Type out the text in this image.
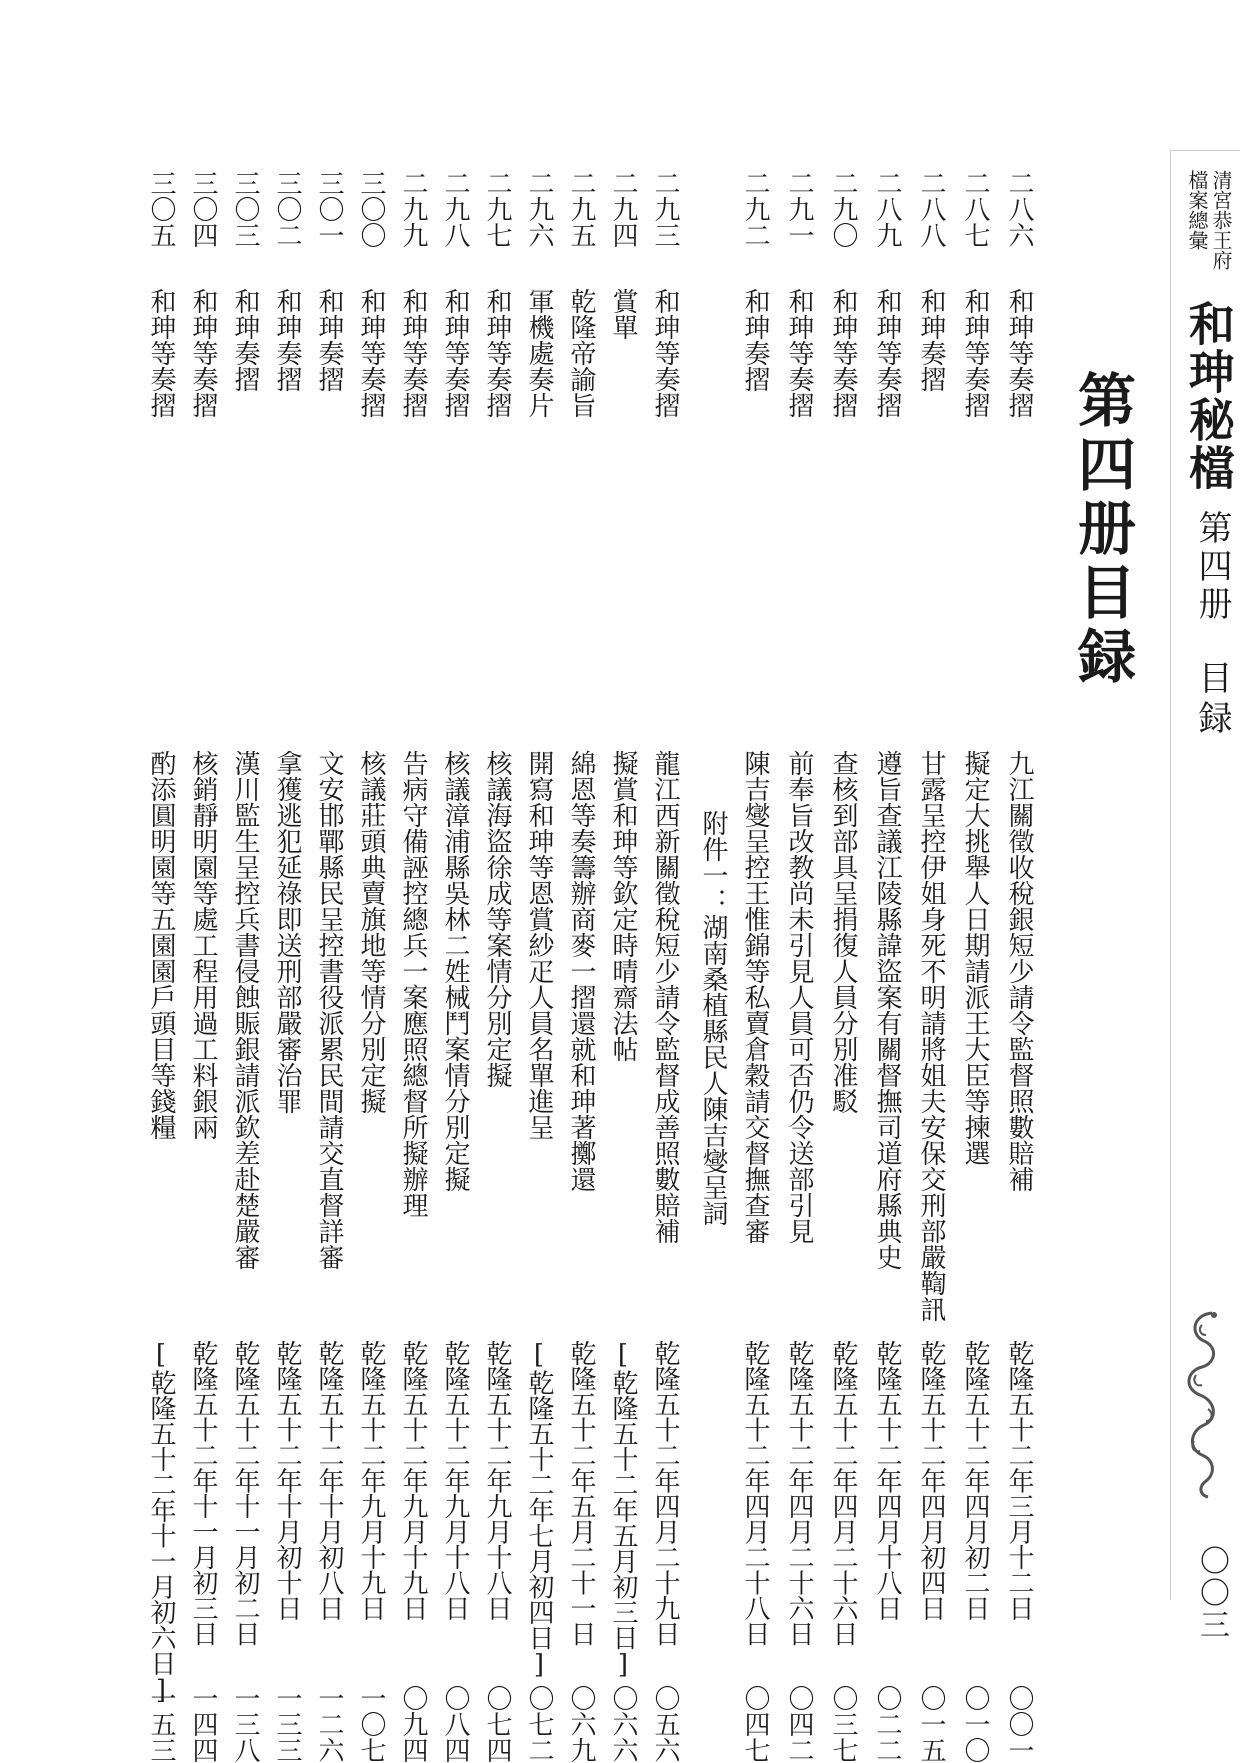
清宮恭王府檔案總彙
和珅秘檔
第四册
目録
〇〇三
第四册目録
二八六
和珅等奏摺
九江關徵收稅銀短少請令監督照數賠補
乾隆五十二年三月十二日
〇〇一
二八七
和珅等奏摺
擬定大挑舉人日期請派王大臣等揀選
乾隆五十二年四月初二日
〇一〇
二八八
和珅奏摺
甘露呈控伊姐身死不明請將姐夫安保交刑部嚴鞫訊
乾隆五十二年四月初四日
〇一五
二八九
和珅等奏摺
遵旨查議江陵縣諱盜案有關督撫司道府縣典史
乾隆五十二年四月十八日
〇二二
二九〇
和珅等奏摺
查核到部具呈捐復人員分別准駁
乾隆五十二年四月二十六日
〇三七
二九一
和珅等奏摺
前奉旨改教尚未引見人員可否仍令送部引見
乾隆五十二年四月二十六日
〇四二
二九二
和珅奏摺
陳吉燮呈控王惟錦等私賣倉穀請交督撫查審
乾隆五十二年四月二十八日
〇四七
附件一：湖南桑植縣民人陳吉燮呈詞
二九三
和珅等奏摺
龍江西新關徵稅短少請令監督成善照數賠補
乾隆五十二年四月二十九日
〇五六
二九四
賞單
擬賞和珅等欽定時晴齋法帖
[乾隆五十二年五月初三日]
〇六六
二九五
乾隆帝諭旨
綿恩等奏籌辦商麥一摺還就和珅著擲還
乾隆五十二年五月二十一日
〇六九
二九六
軍機處奏片
開寫和珅等恩賞紗疋人員名單進呈
[乾隆五十二年七月初四日]
〇七二
二九七
和珅等奏摺
核議海盜徐成等案情分別定擬
乾隆五十二年九月十八日
〇七四
二九八
和珅等奏摺
核議漳浦縣吳林二姓械鬥案情分別定擬
乾隆五十二年九月十八日
〇八四
二九九
和珅等奏摺
告病守備誣控總兵一案應照總督所擬辦理
乾隆五十二年九月十九日
〇九四
三〇〇
和珅等奏摺
核議莊頭典賣旗地等情分別定擬
乾隆五十二年九月十九日
一〇七
三〇一
和珅奏摺
文安邯鄲縣民呈控書役派累民間請交直督詳審
乾隆五十二年十月初八日
一二六
三〇二
和珅奏摺
拿獲逃犯延祿即送刑部嚴審治罪
乾隆五十二年十月初十日
一三三
三〇三
和珅奏摺
漢川監生呈控兵書侵蝕賑銀請派欽差赴楚嚴審
乾隆五十二年十一月初二日
一三八
三〇四
和珅等奏摺
核銷靜明園等處工程用過工料銀兩
乾隆五十二年十一月初三日
一四四
三〇五
和珅等奏摺
酌添圓明園等五園園戶頭目等錢糧
[乾隆五十二年十一月初六日]
一五三
